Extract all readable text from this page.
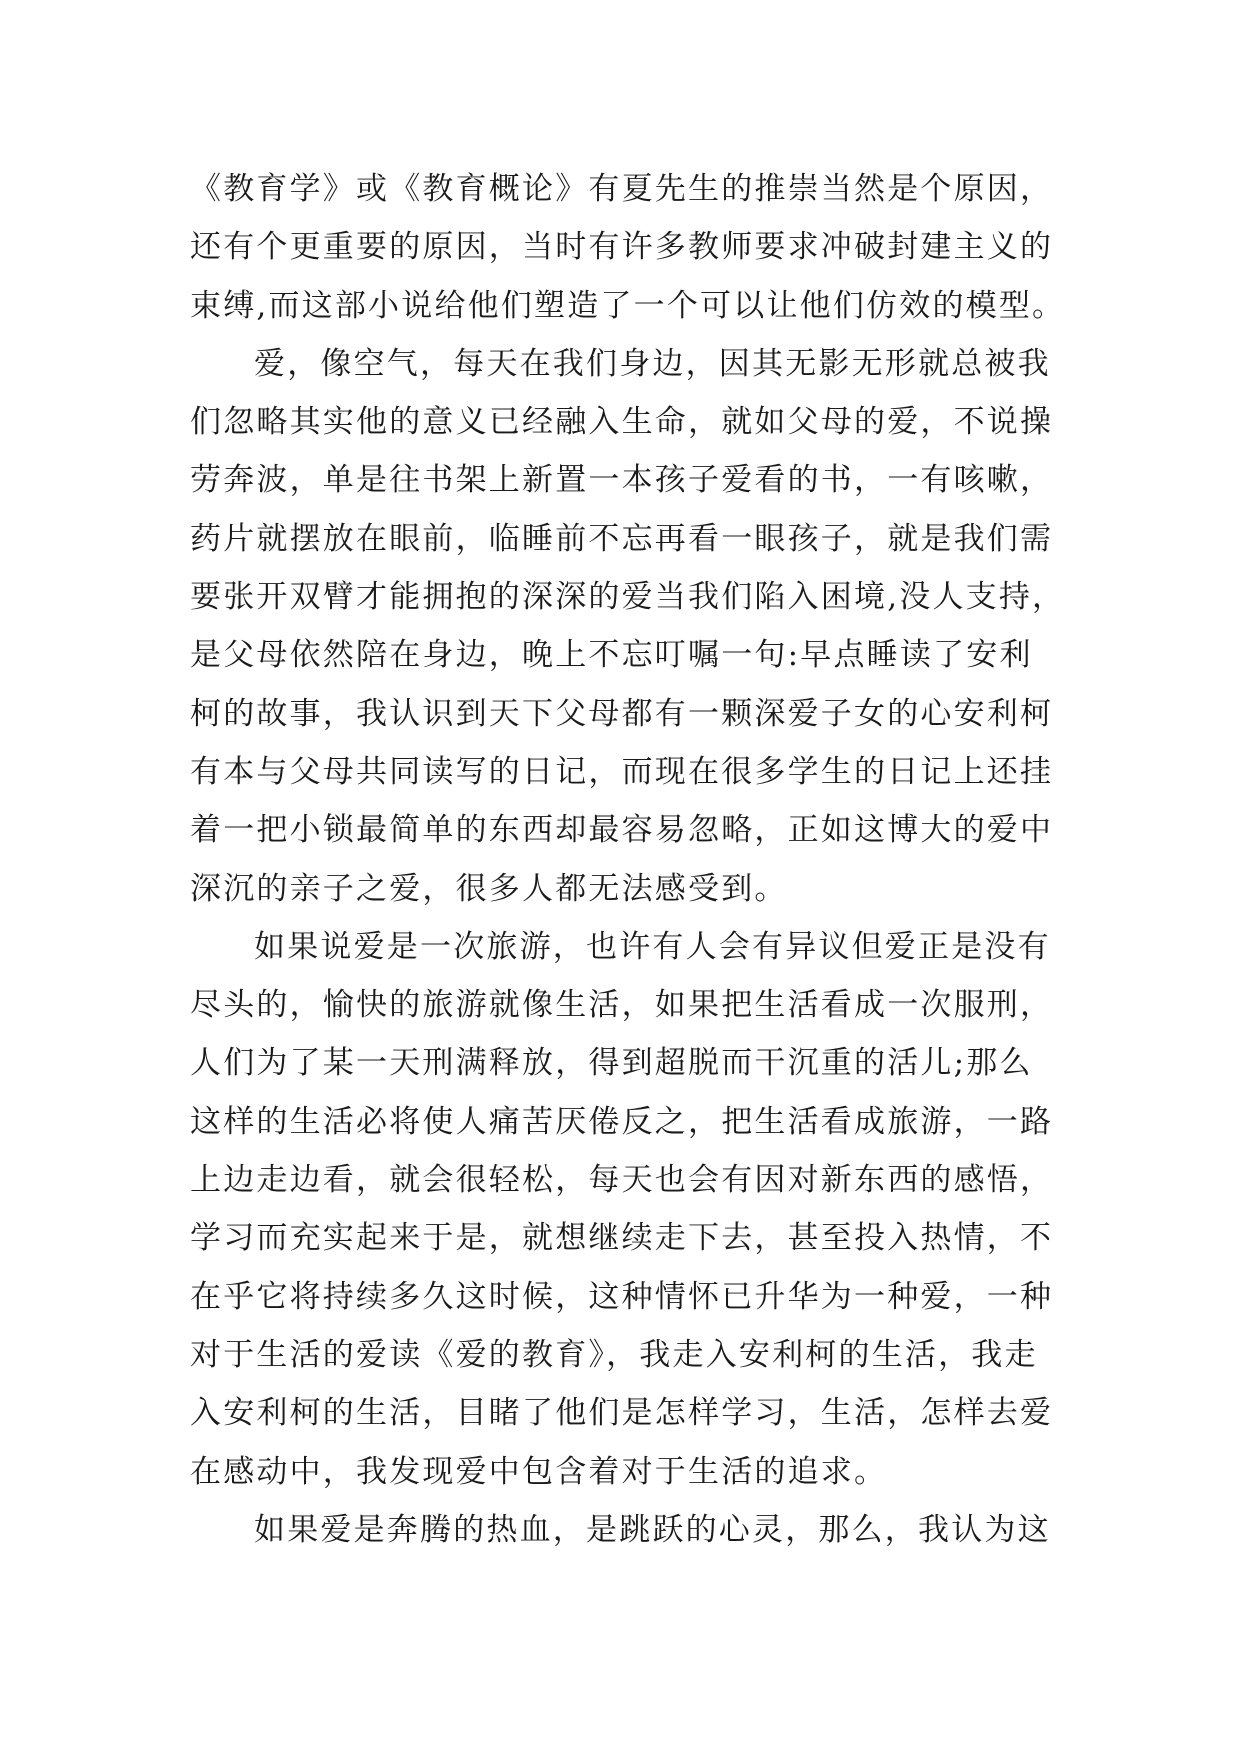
《教育学》或《教育概论》有夏先生的推崇当然是个原因，
还有个更重要的原因，当时有许多教师要求冲破封建主义的
束缚,而这部小说给他们塑造了一个可以让他们仿效的模型。
爱，像空气，每天在我们身边，因其无影无形就总被我
们忽略其实他的意义已经融入生命，就如父母的爱，不说操
劳奔波，单是往书架上新置一本孩子爱看的书，一有咳嗽，
药片就摆放在眼前，临睡前不忘再看一眼孩子，就是我们需
要张开双臂才能拥抱的深深的爱当我们陷入困境,没人支持，
是父母依然陪在身边，晚上不忘叮嘱一句:早点睡读了安利
柯的故事，我认识到天下父母都有一颗深爱子女的心安利柯
有本与父母共同读写的日记，而现在很多学生的日记上还挂
着一把小锁最简单的东西却最容易忽略，正如这博大的爱中
深沉的亲子之爱，很多人都无法感受到。
如果说爱是一次旅游，也许有人会有异议但爱正是没有
尽头的，愉快的旅游就像生活，如果把生活看成一次服刑，
人们为了某一天刑满释放，得到超脱而干沉重的活儿;那么
这样的生活必将使人痛苦厌倦反之，把生活看成旅游，一路
上边走边看，就会很轻松，每天也会有因对新东西的感悟，
学习而充实起来于是，就想继续走下去，甚至投入热情，不
在乎它将持续多久这时候，这种情怀已升华为一种爱，一种
对于生活的爱读《爱的教育》，我走入安利柯的生活，我走
入安利柯的生活，目睹了他们是怎样学习，生活，怎样去爱
在感动中，我发现爱中包含着对于生活的追求。
如果爱是奔腾的热血，是跳跃的心灵，那么，我认为这
